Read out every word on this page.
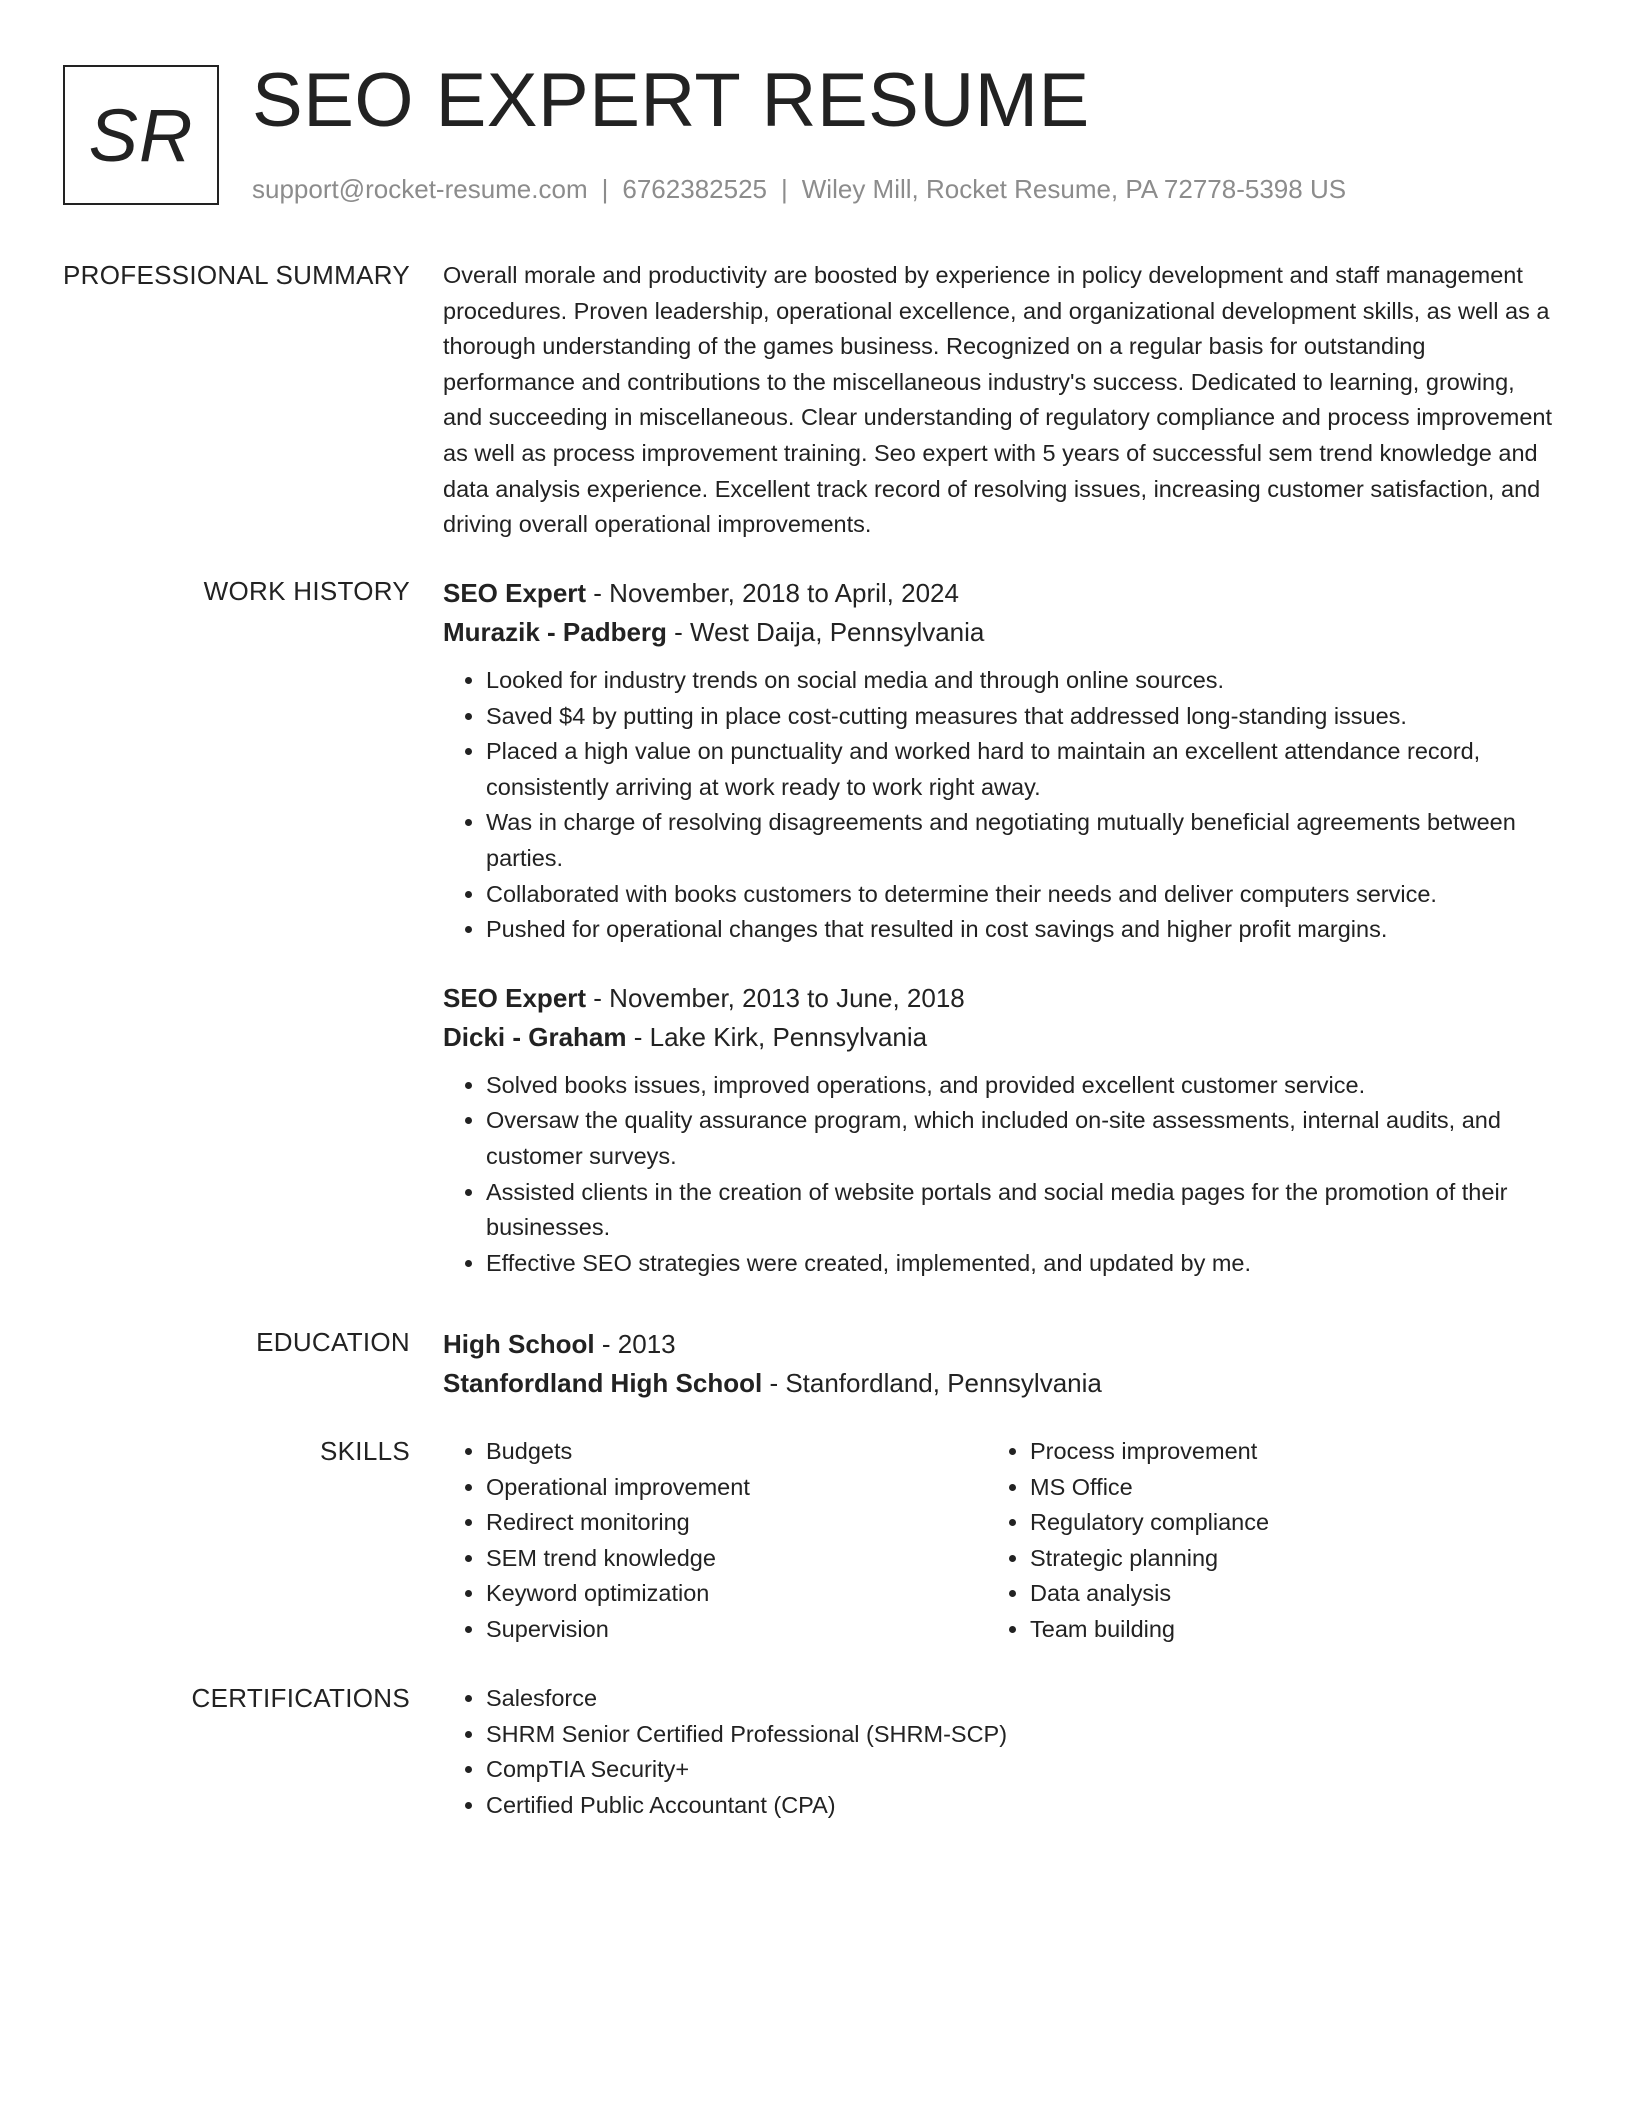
SR SEO EXPERT RESUME
support@rocket-resume.com | 6762382525 | Wiley Mill, Rocket Resume, PA 72778-5398 US
PROFESSIONAL SUMMARY Overall morale and productivity are boosted by experience in policy development and staff management procedures. Proven leadership, operational excellence, and organizational development skills, as well as a thorough understanding of the games business. Recognized on a regular basis for outstanding performance and contributions to the miscellaneous industry's success. Dedicated to learning, growing, and succeeding in miscellaneous. Clear understanding of regulatory compliance and process improvement as well as process improvement training. Seo expert with 5 years of successful sem trend knowledge and data analysis experience. Excellent track record of resolving issues, increasing customer satisfaction, and driving overall operational improvements.

WORK HISTORY SEO Expert - November, 2018 to April, 2024
Murazik - Padberg - West Daija, Pennsylvania
• Looked for industry trends on social media and through online sources.
• Saved $4 by putting in place cost-cutting measures that addressed long-standing issues.
• Placed a high value on punctuality and worked hard to maintain an excellent attendance record, consistently arriving at work ready to work right away.
• Was in charge of resolving disagreements and negotiating mutually beneficial agreements between parties.
• Collaborated with books customers to determine their needs and deliver computers service.
• Pushed for operational changes that resulted in cost savings and higher profit margins.
SEO Expert - November, 2013 to June, 2018
Dicki - Graham - Lake Kirk, Pennsylvania
• Solved books issues, improved operations, and provided excellent customer service.
• Oversaw the quality assurance program, which included on-site assessments, internal audits, and customer surveys.
• Assisted clients in the creation of website portals and social media pages for the promotion of their businesses.
• Effective SEO strategies were created, implemented, and updated by me.
EDUCATION High School - 2013
Stanfordland High School - Stanfordland, Pennsylvania
SKILLS	• Budgets
• Operational improvement
• Redirect monitoring
• SEM trend knowledge
• Keyword optimization
• Supervision
• Process improvement
• MS Office
• Regulatory compliance
• Strategic planning
• Data analysis
• Team building
CERTIFICATIONS	• Salesforce
• SHRM Senior Certified Professional (SHRM-SCP)
• CompTIA Security+
• Certified Public Accountant (CPA)
